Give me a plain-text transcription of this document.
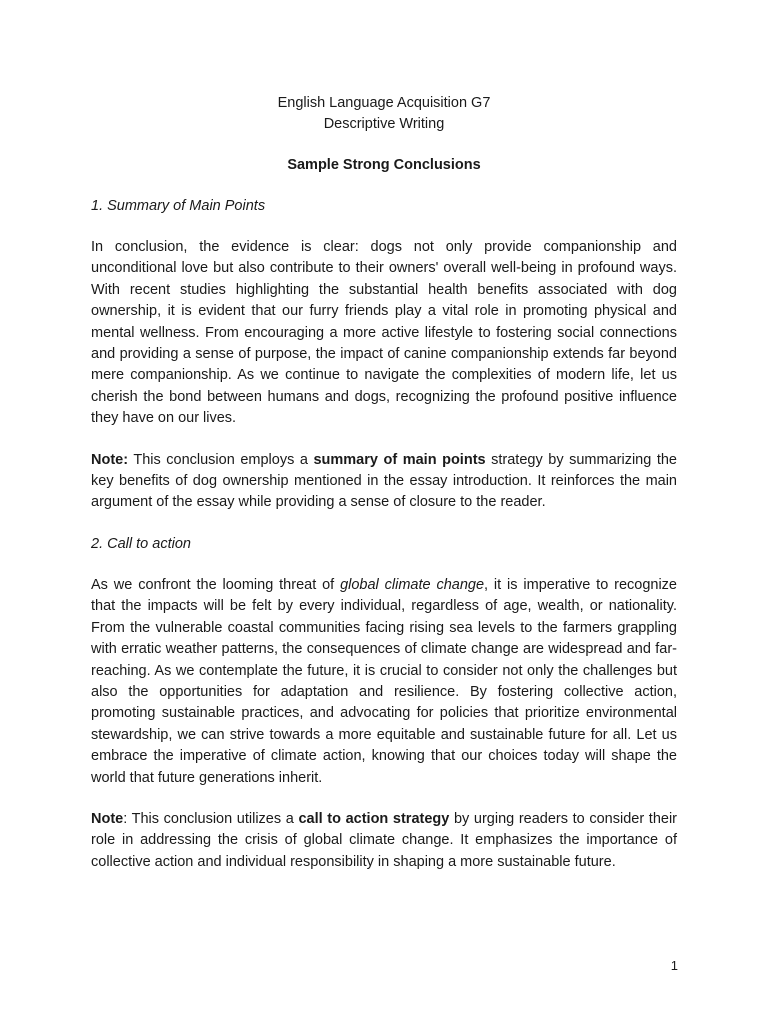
English Language Acquisition G7

Descriptive Writing

Sample Strong Conclusions

1. Summary of Main Points

In conclusion, the evidence is clear: dogs not only provide companionship and unconditional love but also contribute to their owners' overall well-being in profound ways. With recent studies highlighting the substantial health benefits associated with dog ownership, it is evident that our furry friends play a vital role in promoting physical and mental wellness. From encouraging a more active lifestyle to fostering social connections and providing a sense of purpose, the impact of canine companionship extends far beyond mere companionship. As we continue to navigate the complexities of modern life, let us cherish the bond between humans and dogs, recognizing the profound positive influence they have on our lives.

Note: This conclusion employs a summary of main points strategy by summarizing the key benefits of dog ownership mentioned in the essay introduction. It reinforces the main argument of the essay while providing a sense of closure to the reader.

2. Call to action

As we confront the looming threat of global climate change, it is imperative to recognize that the impacts will be felt by every individual, regardless of age, wealth, or nationality. From the vulnerable coastal communities facing rising sea levels to the farmers grappling with erratic weather patterns, the consequences of climate change are widespread and far-reaching. As we contemplate the future, it is crucial to consider not only the challenges but also the opportunities for adaptation and resilience. By fostering collective action, promoting sustainable practices, and advocating for policies that prioritize environmental stewardship, we can strive towards a more equitable and sustainable future for all. Let us embrace the imperative of climate action, knowing that our choices today will shape the world that future generations inherit.

Note: This conclusion utilizes a call to action strategy by urging readers to consider their role in addressing the crisis of global climate change. It emphasizes the importance of collective action and individual responsibility in shaping a more sustainable future.

1
